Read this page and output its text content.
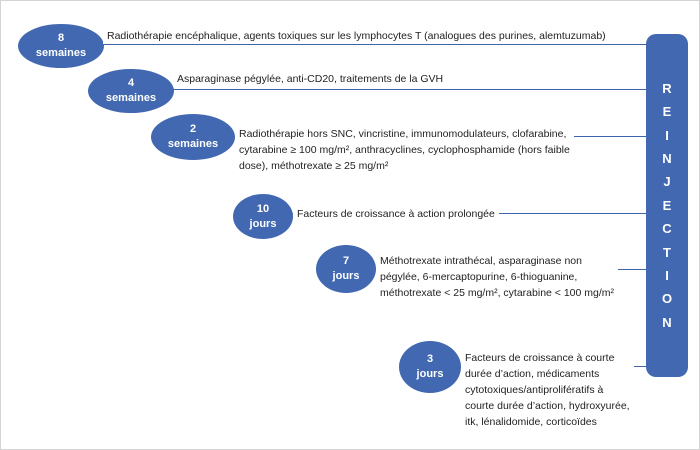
R
E
I
N
J
E
C
T
I
O
N
8
semaines
Radiothérapie encéphalique, agents toxiques sur les lymphocytes T (analogues des purines, alemtuzumab)
4
semaines
Asparaginase pégylée, anti-CD20, traitements de la GVH
2
semaines
Radiothérapie hors SNC, vincristine, immunomodulateurs, clofarabine,
cytarabine ≥ 100 mg/m², anthracyclines, cyclophosphamide (hors faible
dose), méthotrexate ≥ 25 mg/m²
10
jours
Facteurs de croissance à action prolongée
7
jours
Méthotrexate intrathécal, asparaginase non
pégylée, 6-mercaptopurine, 6-thioguanine,
méthotrexate < 25 mg/m², cytarabine < 100 mg/m²
3
jours
Facteurs de croissance à courte
durée d’action, médicaments
cytotoxiques/antiprolifératifs à
courte durée d’action, hydroxyurée,
itk, lénalidomide, corticoïdes
